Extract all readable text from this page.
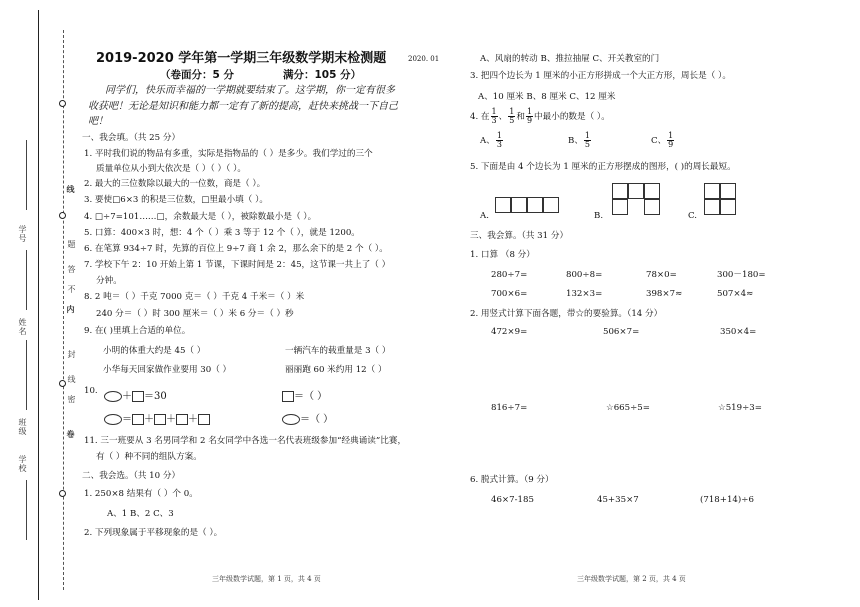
学号
姓名
班级
学校
线
题
答
不
内
封
线
密
卷
2019-2020 学年第一学期三年级数学期末检测题	2020. 01
（卷面分：5 分	满分：105 分）
同学们，快乐而幸福的一学期就要结束了。这学期，你一定有很多
收获吧！无论是知识和能力都一定有了新的提高，赶快来挑战一下自己
吧！
一、我会填。（共 25 分）
1. 平时我们说的物品有多重，实际是指物品的（ ）是多少。我们学过的三个
质量单位从小到大依次是（ ）（ ）（ ）。
2. 最大的三位数除以最大的一位数，商是（ ）。
3. 要使□6×3 的积是三位数，□里最小填（ ）。
4. □÷7=101……□，余数最大是（ ），被除数最小是（ ）。
5. 口算：400×3 时，想：4 个（ ）乘 3 等于 12 个（ ），就是 1200。
6. 在笔算 934÷7 时，先算的百位上 9÷7 商 1 余 2，那么余下的是 2 个（ ）。
7. 学校下午 2：10 开始上第 1 节课，下课时间是 2：45，这节课一共上了（ ）
分钟。
8. 2 吨＝（ ）千克 7000 克＝（ ）千克 4 千米＝（ ）米
240 分＝（ ）时 300 厘米＝（ ）米 6 分＝（ ）秒
9. 在( )里填上合适的单位。
小明的体重大约是 45（ ）	一辆汽车的载重量是 3（ ）
小华每天回家做作业要用 30（ ）	丽丽跑 60 米约用 12（ ）
10.	＋ ＝30	＝（ ）
＝ ＋ ＋ ＋	＝（ ）
11. 三一班要从 3 名男同学和 2 名女同学中各选一名代表班级参加“经典诵读”比赛，
有（ ）种不同的组队方案。
二、我会选。（共 10 分）
1. 250×8 结果有（ ）个 0。
A、1 B、2 C、3
2. 下列现象属于平移现象的是（ ）。
三年级数学试题，第 1 页，共 4 页
A、风扇的转动 B、推拉抽屉 C、开关教室的门
3. 把四个边长为 1 厘米的小正方形拼成一个大正方形，周长是（ ）。
A、10 厘米 B、8 厘米 C、12 厘米
4. 在 $\frac{1}{3}$ 、 $\frac{1}{5}$ 和 $\frac{1}{9}$ 中最小的数是（ ）。
A、 $\frac{1}{3}$	B、 $\frac{1}{5}$	C、 $\frac{1}{9}$
5. 下面是由 4 个边长为 1 厘米的正方形摆成的图形，( )的周长最短。
A.	B.	C.
三、我会算。（共 31 分）
1. 口算 （8 分）
280÷7=	800÷8=	78×0=	300－180=
700×6=	132×3=	398×7≈	507×4≈
2. 用竖式计算下面各题，带☆的要验算。（14 分）
472×9=	506×7=	350×4=
816÷7=	☆665÷5=	☆519÷3=
6. 脱式计算。（9 分）
46×7-185	45+35×7	(718+14)÷6
三年级数学试题，第 2 页，共 4 页
